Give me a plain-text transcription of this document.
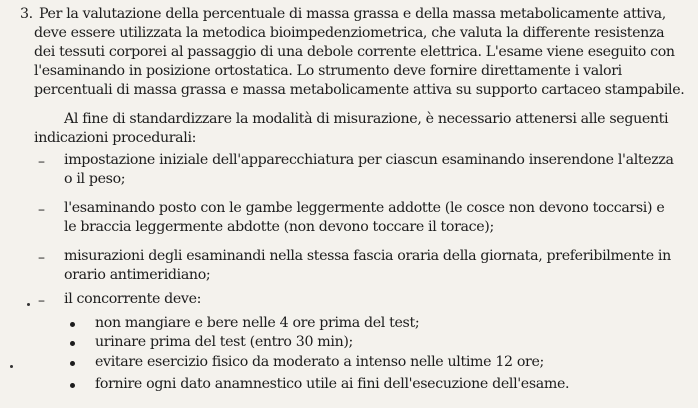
3. Per la valutazione della percentuale di massa grassa e della massa metabolicamente attiva,
deve essere utilizzata la metodica bioimpedenziometrica, che valuta la differente resistenza
dei tessuti corporei al passaggio di una debole corrente elettrica. L'esame viene eseguito con
l'esaminando in posizione ortostatica. Lo strumento deve fornire direttamente i valori
percentuali di massa grassa e massa metabolicamente attiva su supporto cartaceo stampabile.
Al fine di standardizzare la modalità di misurazione, è necessario attenersi alle seguenti
indicazioni procedurali:
– impostazione iniziale dell'apparecchiatura per ciascun esaminando inserendone l'altezza
o il peso;
– l'esaminando posto con le gambe leggermente addotte (le cosce non devono toccarsi) e
le braccia leggermente abdotte (non devono toccare il torace);
– misurazioni degli esaminandi nella stessa fascia oraria della giornata, preferibilmente in
orario antimeridiano;
– il concorrente deve:
non mangiare e bere nelle 4 ore prima del test;
urinare prima del test (entro 30 min);
evitare esercizio fisico da moderato a intenso nelle ultime 12 ore;
fornire ogni dato anamnestico utile ai fini dell'esecuzione dell'esame.
